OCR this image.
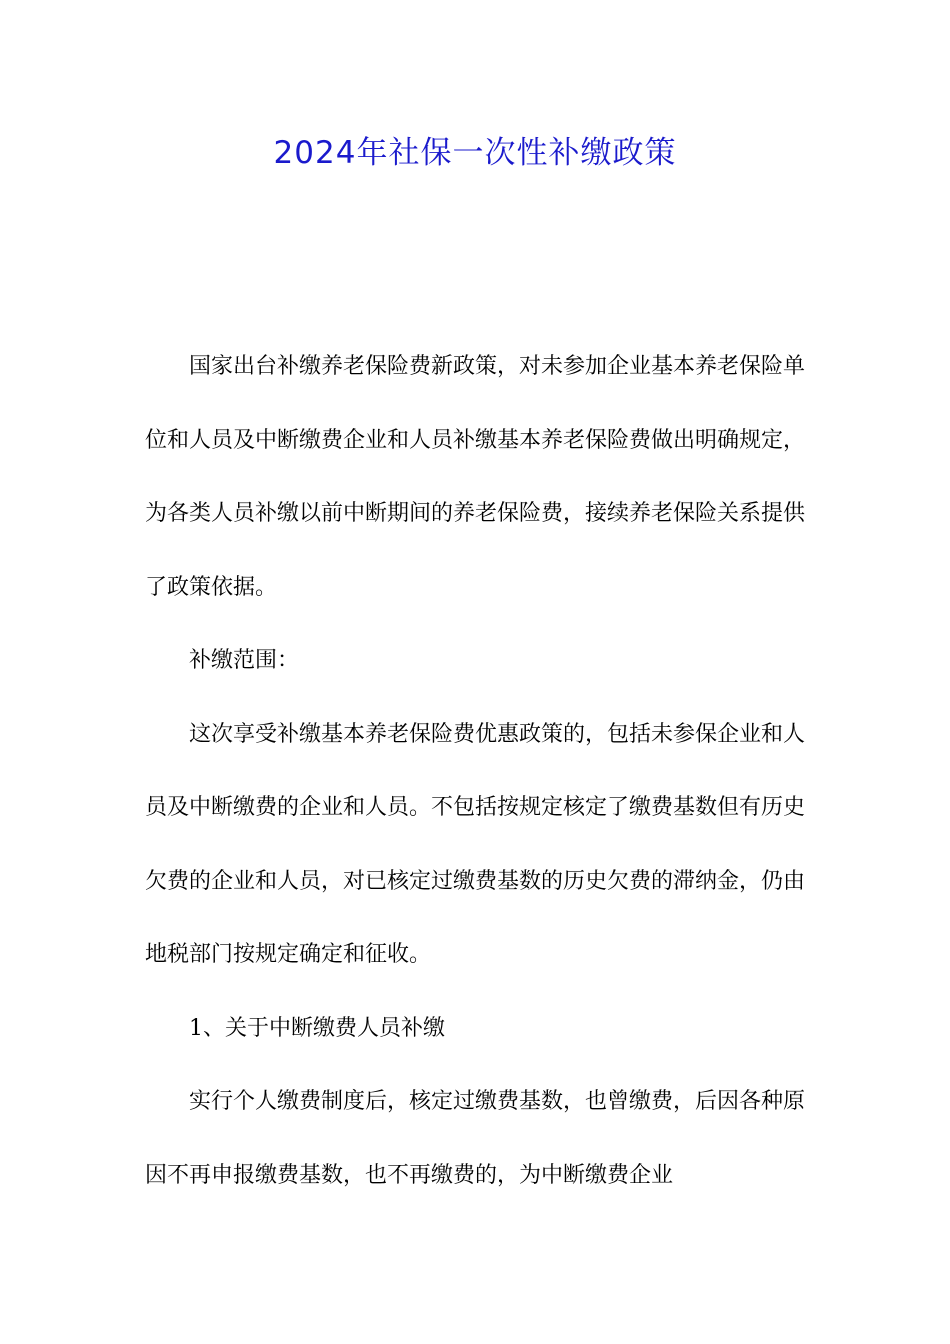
2024年社保一次性补缴政策

国家出台补缴养老保险费新政策，对未参加企业基本养老保险单位和人员及中断缴费企业和人员补缴基本养老保险费做出明确规定，为各类人员补缴以前中断期间的养老保险费，接续养老保险关系提供了政策依据。

补缴范围：

这次享受补缴基本养老保险费优惠政策的，包括未参保企业和人员及中断缴费的企业和人员。不包括按规定核定了缴费基数但有历史欠费的企业和人员，对已核定过缴费基数的历史欠费的滞纳金，仍由地税部门按规定确定和征收。

1、关于中断缴费人员补缴

实行个人缴费制度后，核定过缴费基数，也曾缴费，后因各种原因不再申报缴费基数，也不再缴费的，为中断缴费企业
